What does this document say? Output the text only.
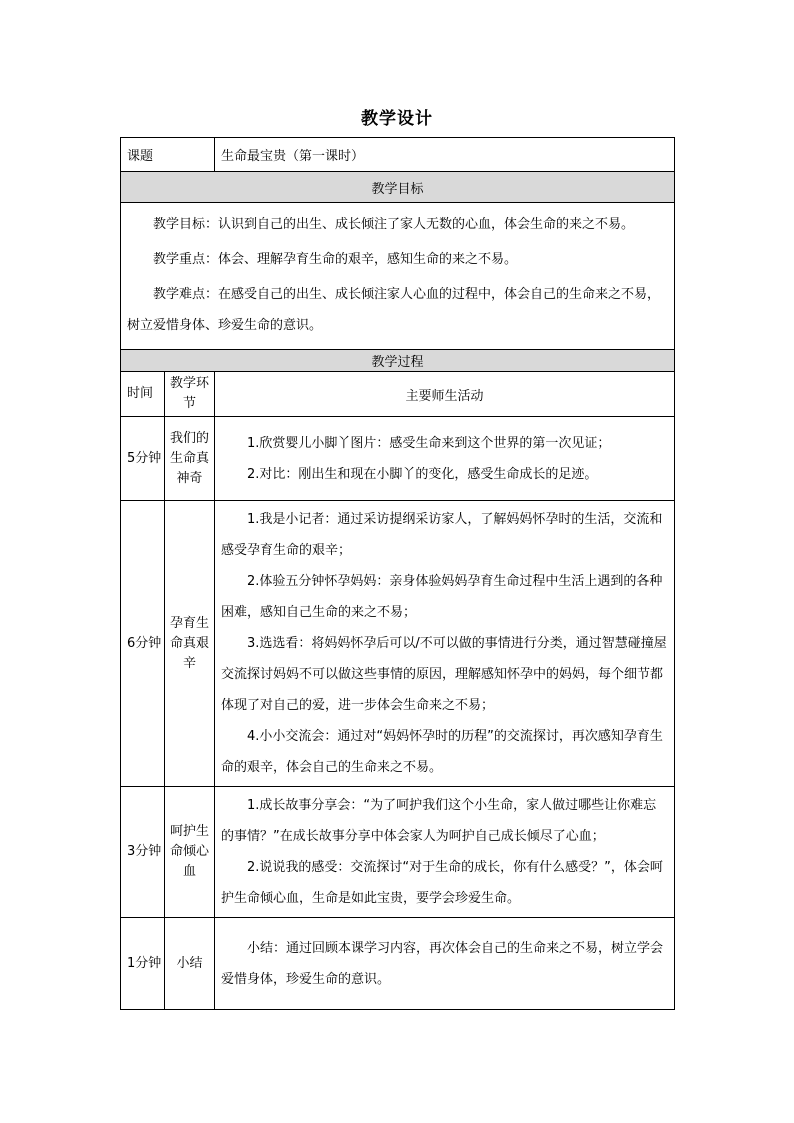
教学设计
课题		生命最宝贵（第一课时）
教学目标		

教学目标：认识到自己的出生、成长倾注了家人无数的心血，体会生命的来之不易。
教学重点：体会、理解孕育生命的艰辛，感知生命的来之不易。
教学难点：在感受自己的出生、成长倾注家人心血的过程中，体会自己的生命来之不易，树立爱惜身体、珍爱生命的意识。		

教学过程		
时间	教学环节	主要师生活动
5分钟	我们的生命真神奇	1.欣赏婴儿小脚丫图片：感受生命来到这个世界的第一次见证；

2.对比：刚出生和现在小脚丫的变化，感受生命成长的足迹。

6分钟	孕育生命真艰辛	1.我是小记者：通过采访提纲采访家人，了解妈妈怀孕时的生活，交流和感受孕育生命的艰辛；

2.体验五分钟怀孕妈妈：亲身体验妈妈孕育生命过程中生活上遇到的各种困难，感知自己生命的来之不易；

3.选选看：将妈妈怀孕后可以/不可以做的事情进行分类，通过智慧碰撞屋交流探讨妈妈不可以做这些事情的原因，理解感知怀孕中的妈妈，每个细节都体现了对自己的爱，进一步体会生命来之不易；

4.小小交流会：通过对“妈妈怀孕时的历程”的交流探讨，再次感知孕育生命的艰辛，体会自己的生命来之不易。

3分钟	呵护生命倾心血	1.成长故事分享会：“为了呵护我们这个小生命，家人做过哪些让你难忘的事情？”在成长故事分享中体会家人为呵护自己成长倾尽了心血；

2.说说我的感受：交流探讨“对于生命的成长，你有什么感受？”，体会呵护生命倾心血，生命是如此宝贵，要学会珍爱生命。

1分钟	小结	小结：通过回顾本课学习内容，再次体会自己的生命来之不易，树立学会爱惜身体，珍爱生命的意识。
